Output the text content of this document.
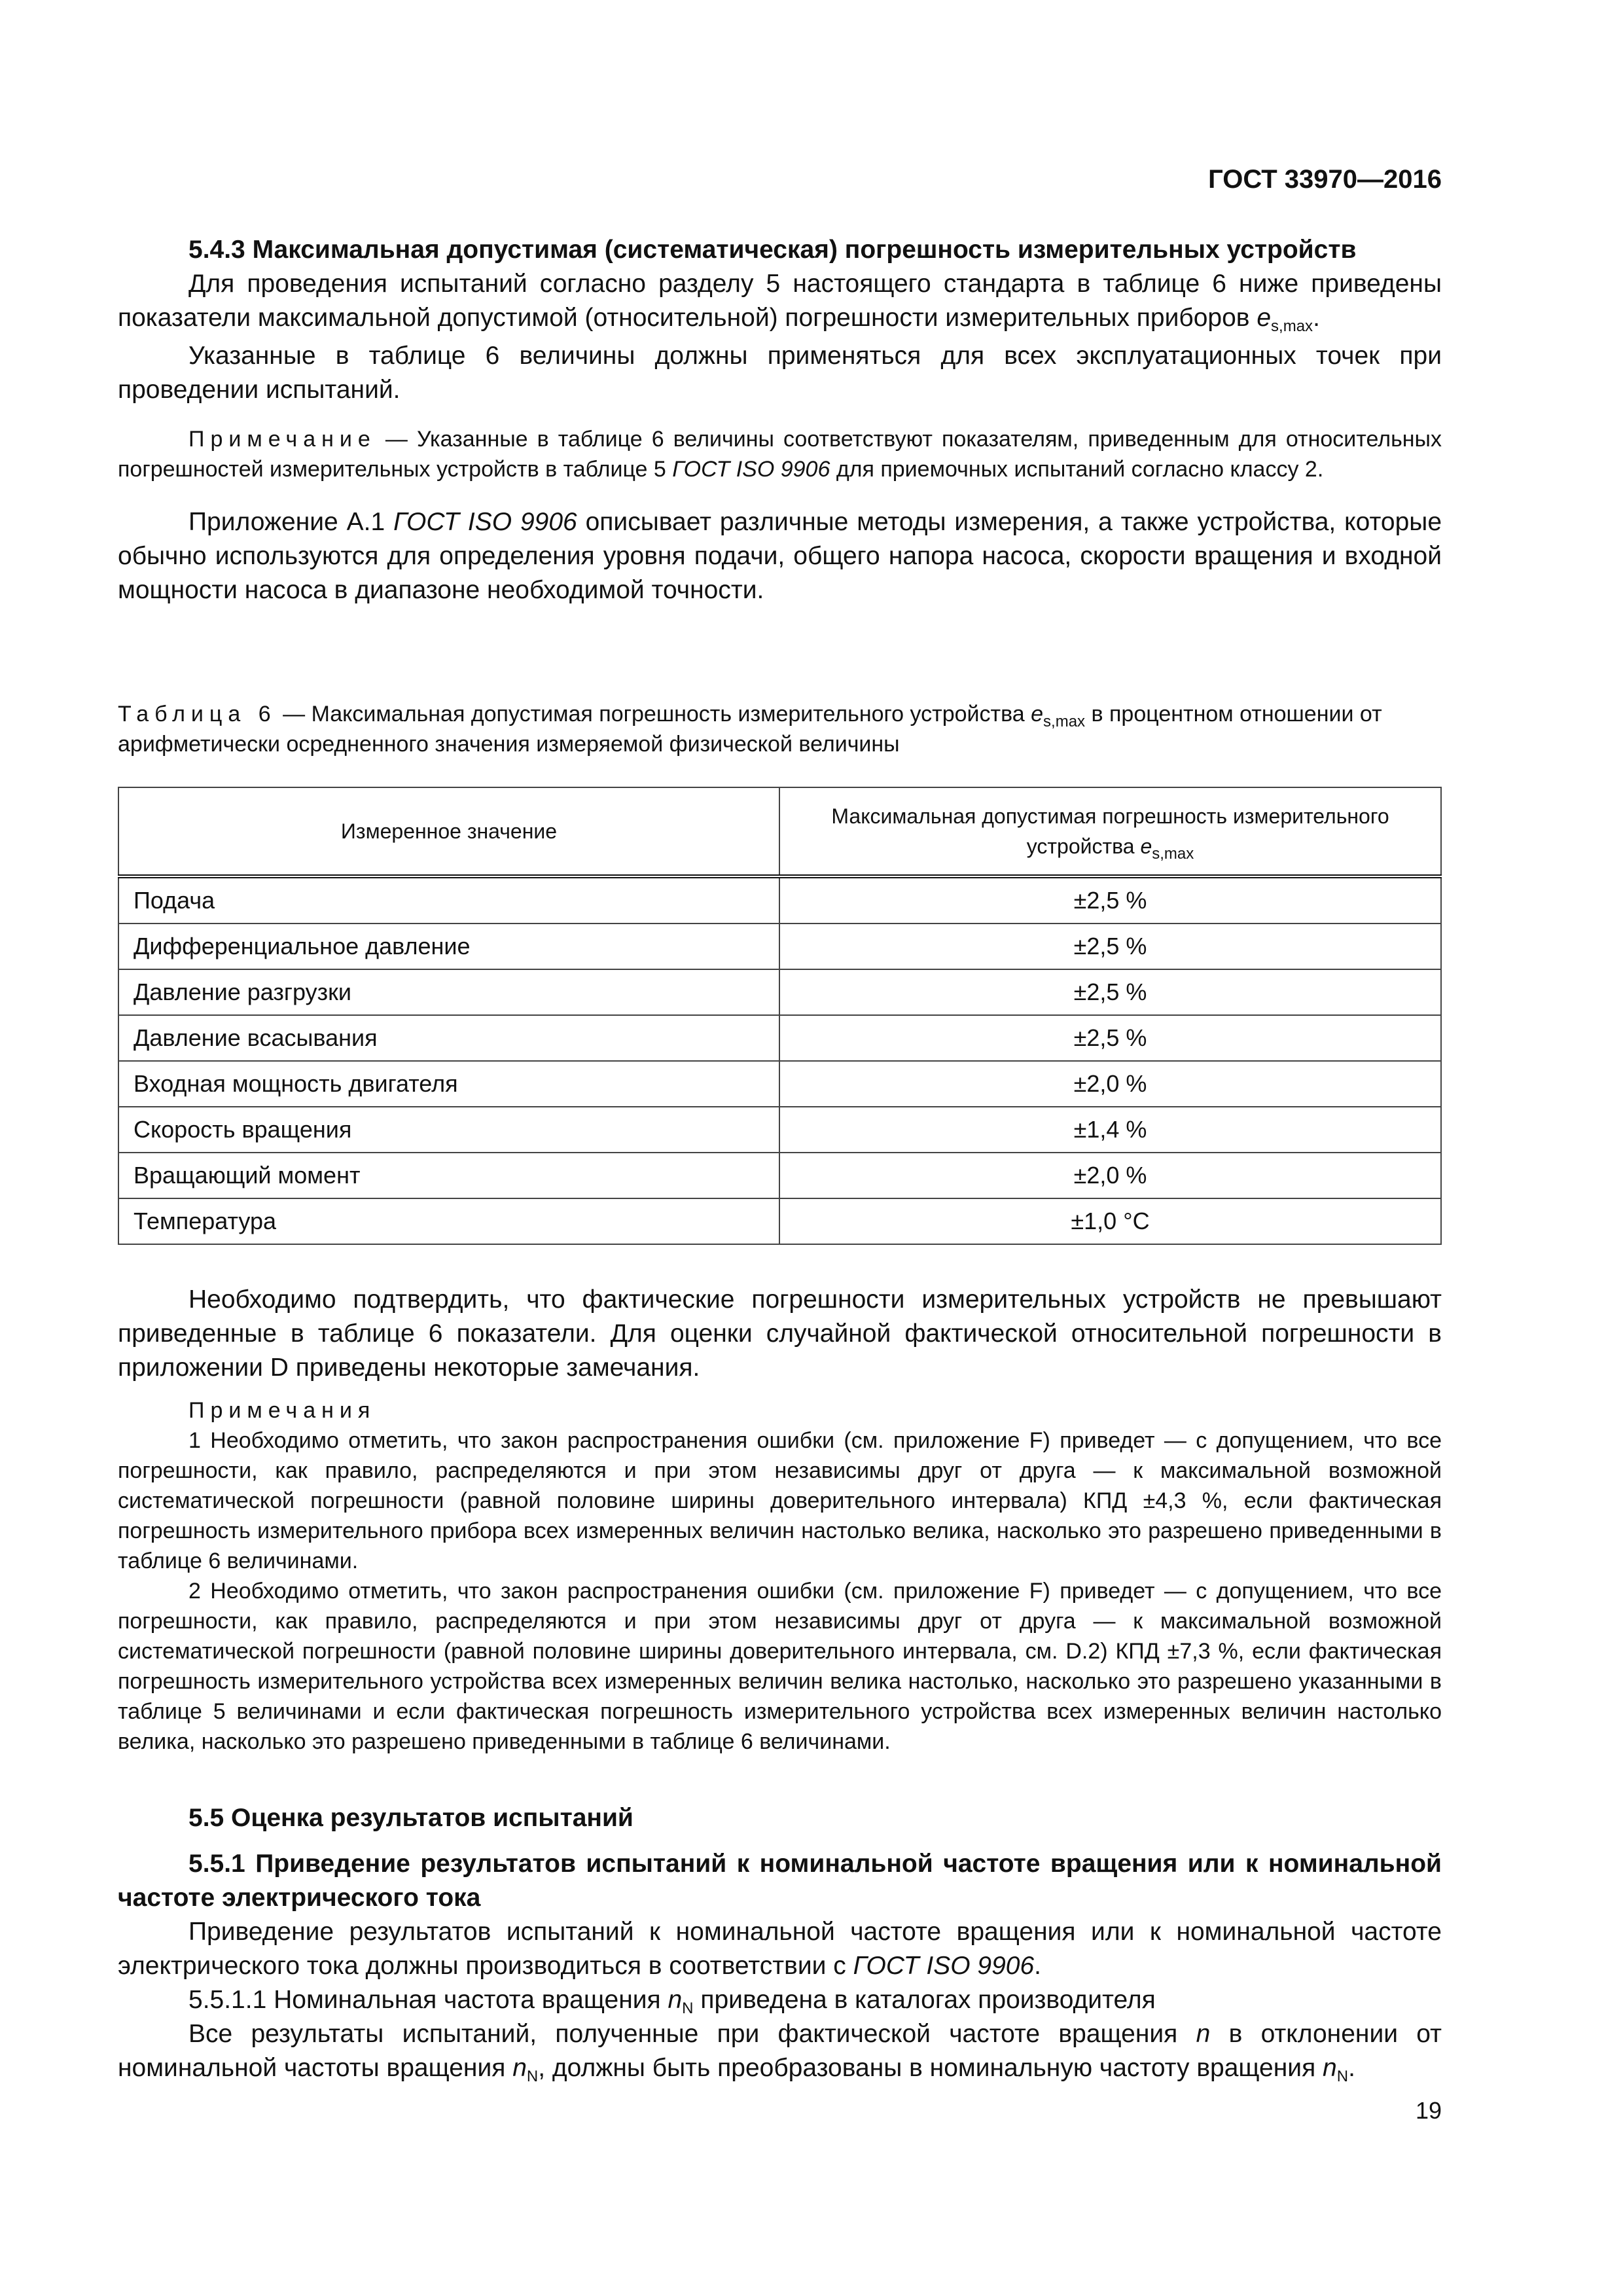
ГОСТ 33970—2016

5.4.3 Максимальная допустимая (систематическая) погрешность измерительных устройств

Для проведения испытаний согласно разделу 5 настоящего стандарта в таблице 6 ниже приведены показатели максимальной допустимой (относительной) погрешности измерительных приборов $e_{s,max}$.

Указанные в таблице 6 величины должны применяться для всех эксплуатационных точек при проведении испытаний.

Примечание — Указанные в таблице 6 величины соответствуют показателям, приведенным для относительных погрешностей измерительных устройств в таблице 5 ГОСТ ISO 9906 для приемочных испытаний согласно классу 2.

Приложение А.1 ГОСТ ISO 9906 описывает различные методы измерения, а также устройства, которые обычно используются для определения уровня подачи, общего напора насоса, скорости вращения и входной мощности насоса в диапазоне необходимой точности.

Таблица 6 — Максимальная допустимая погрешность измерительного устройства $e_{s,max}$ в процентном отношении от арифметически осредненного значения измеряемой физической величины

Измеренное значение	Максимальная допустимая погрешность измерительного устройства $e_{s,max}$
Подача	±2,5 %
Дифференциальное давление	±2,5 %
Давление разгрузки	±2,5 %
Давление всасывания	±2,5 %
Входная мощность двигателя	±2,0 %
Скорость вращения	±1,4 %
Вращающий момент	±2,0 %
Температура	±1,0 °C

Необходимо подтвердить, что фактические погрешности измерительных устройств не превышают приведенные в таблице 6 показатели. Для оценки случайной фактической относительной погрешности в приложении D приведены некоторые замечания.

Примечания

1 Необходимо отметить, что закон распространения ошибки (см. приложение F) приведет — с допущением, что все погрешности, как правило, распределяются и при этом независимы друг от друга — к максимальной возможной систематической погрешности (равной половине ширины доверительного интервала) КПД ±4,3 %, если фактическая погрешность измерительного прибора всех измеренных величин настолько велика, насколько это разрешено приведенными в таблице 6 величинами.

2 Необходимо отметить, что закон распространения ошибки (см. приложение F) приведет — с допущением, что все погрешности, как правило, распределяются и при этом независимы друг от друга — к максимальной возможной систематической погрешности (равной половине ширины доверительного интервала, см. D.2) КПД ±7,3 %, если фактическая погрешность измерительного устройства всех измеренных величин велика настолько, насколько это разрешено указанными в таблице 5 величинами и если фактическая погрешность измерительного устройства всех измеренных величин настолько велика, насколько это разрешено приведенными в таблице 6 величинами.

5.5 Оценка результатов испытаний

5.5.1 Приведение результатов испытаний к номинальной частоте вращения или к номинальной частоте электрического тока

Приведение результатов испытаний к номинальной частоте вращения или к номинальной частоте электрического тока должны производиться в соответствии с ГОСТ ISO 9906.

5.5.1.1 Номинальная частота вращения $n_N$ приведена в каталогах производителя

Все результаты испытаний, полученные при фактической частоте вращения n в отклонении от номинальной частоты вращения $n_N$, должны быть преобразованы в номинальную частоту вращения $n_N$.

19
